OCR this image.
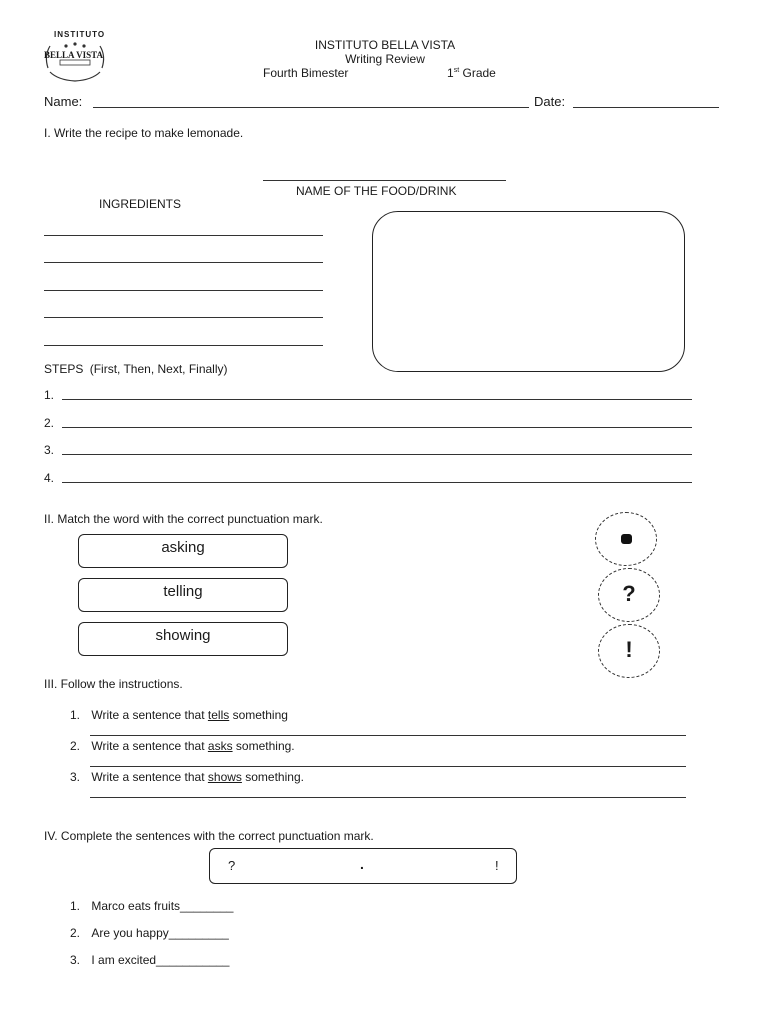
INSTITUTO
BELLA VISTA
INSTITUTO BELLA VISTA
Writing Review
Fourth Bimester	1st Grade
Name:	Date:
I. Write the recipe to make lemonade.
NAME OF THE FOOD/DRINK
INGREDIENTS
STEPS (First, Then, Next, Finally)
1.
2.
3.
4.
II. Match the word with the correct punctuation mark.
asking
telling
showing
?
!
III. Follow the instructions.
1. Write a sentence that tells something
2. Write a sentence that asks something.
3. Write a sentence that shows something.
IV. Complete the sentences with the correct punctuation mark.
?	.	!
1. Marco eats fruits________
2. Are you happy_________
3. I am excited___________
